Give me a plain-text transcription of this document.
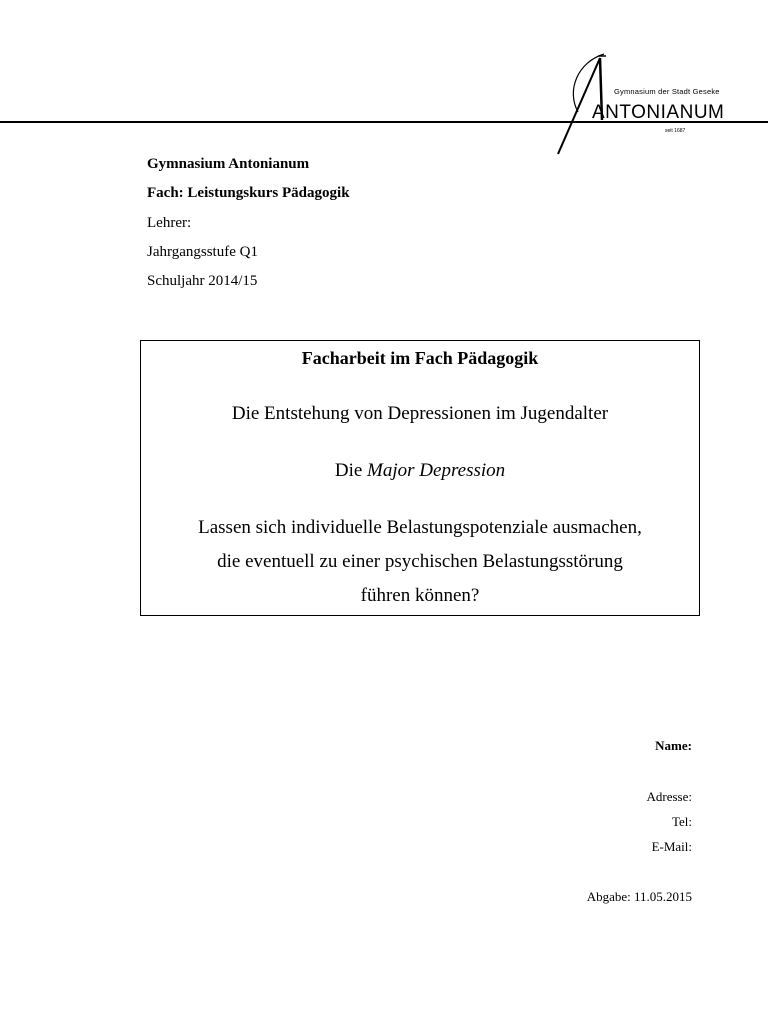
Gymnasium der Stadt Geseke
ANTONIANUM
seit 1687
Gymnasium Antonianum
Fach: Leistungskurs Pädagogik
Lehrer:
Jahrgangsstufe Q1
Schuljahr 2014/15
Facharbeit im Fach Pädagogik
Die Entstehung von Depressionen im Jugendalter
Die Major Depression
Lassen sich individuelle Belastungspotenziale ausmachen,
die eventuell zu einer psychischen Belastungsstörung
führen können?
Name:
Adresse:
Tel:
E-Mail:
Abgabe: 11.05.2015
